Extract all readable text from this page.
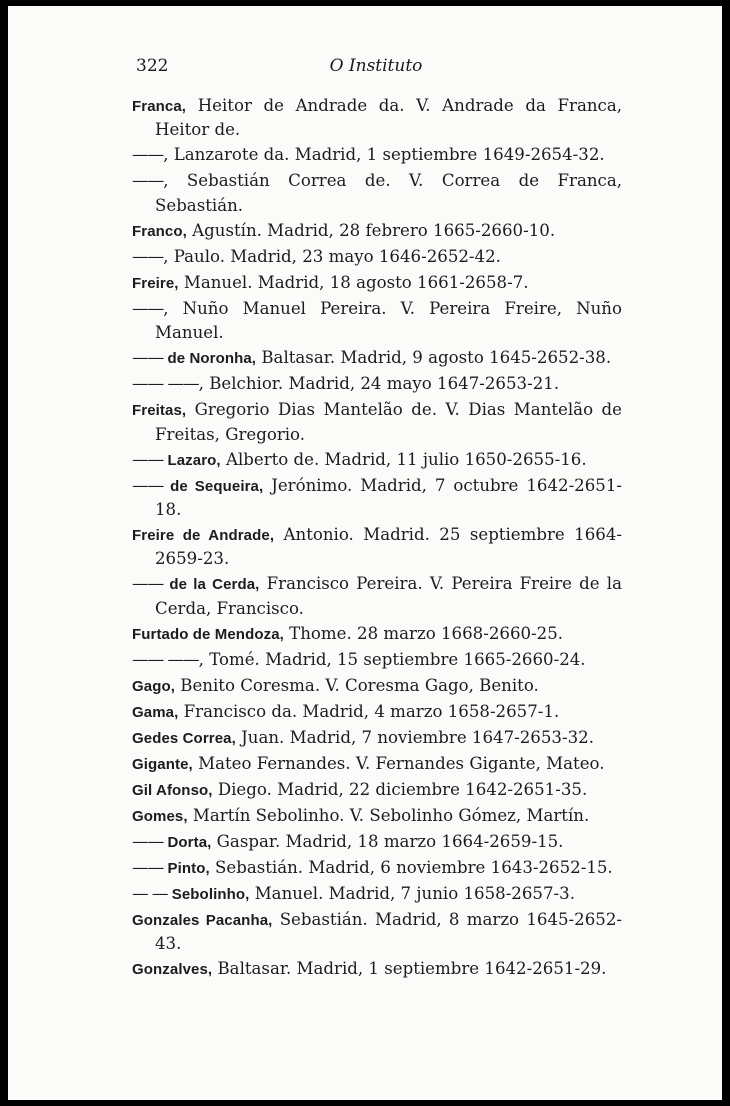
322	O Instituto

Franca, Heitor de Andrade da. V. Andrade da Franca, Heitor de.

——, Lanzarote da. Madrid, 1 septiembre 1649-2654-32.

——, Sebastián Correa de. V. Correa de Franca, Sebastián.

Franco, Agustín. Madrid, 28 febrero 1665-2660-10.

——, Paulo. Madrid, 23 mayo 1646-2652-42.

Freire, Manuel. Madrid, 18 agosto 1661-2658-7.

——, Nuño Manuel Pereira. V. Pereira Freire, Nuño Manuel.

—— de Noronha, Baltasar. Madrid, 9 agosto 1645-2652-38.

—— ——, Belchior. Madrid, 24 mayo 1647-2653-21.

Freitas, Gregorio Dias Mantelão de. V. Dias Mantelão de Freitas, Gregorio.

—— Lazaro, Alberto de. Madrid, 11 julio 1650-2655-16.

—— de Sequeira, Jerónimo. Madrid, 7 octubre 1642-2651-18.

Freire de Andrade, Antonio. Madrid. 25 septiembre 1664-2659-23.

—— de la Cerda, Francisco Pereira. V. Pereira Freire de la Cerda, Francisco.

Furtado de Mendoza, Thome. 28 marzo 1668-2660-25.

—— ——, Tomé. Madrid, 15 septiembre 1665-2660-24.

Gago, Benito Coresma. V. Coresma Gago, Benito.

Gama, Francisco da. Madrid, 4 marzo 1658-2657-1.

Gedes Correa, Juan. Madrid, 7 noviembre 1647-2653-32.

Gigante, Mateo Fernandes. V. Fernandes Gigante, Mateo.

Gil Afonso, Diego. Madrid, 22 diciembre 1642-2651-35.

Gomes, Martín Sebolinho. V. Sebolinho Gómez, Martín.

—— Dorta, Gaspar. Madrid, 18 marzo 1664-2659-15.

—— Pinto, Sebastián. Madrid, 6 noviembre 1643-2652-15.

— — Sebolinho, Manuel. Madrid, 7 junio 1658-2657-3.

Gonzales Pacanha, Sebastián. Madrid, 8 marzo 1645-2652-43.

Gonzalves, Baltasar. Madrid, 1 septiembre 1642-2651-29.
